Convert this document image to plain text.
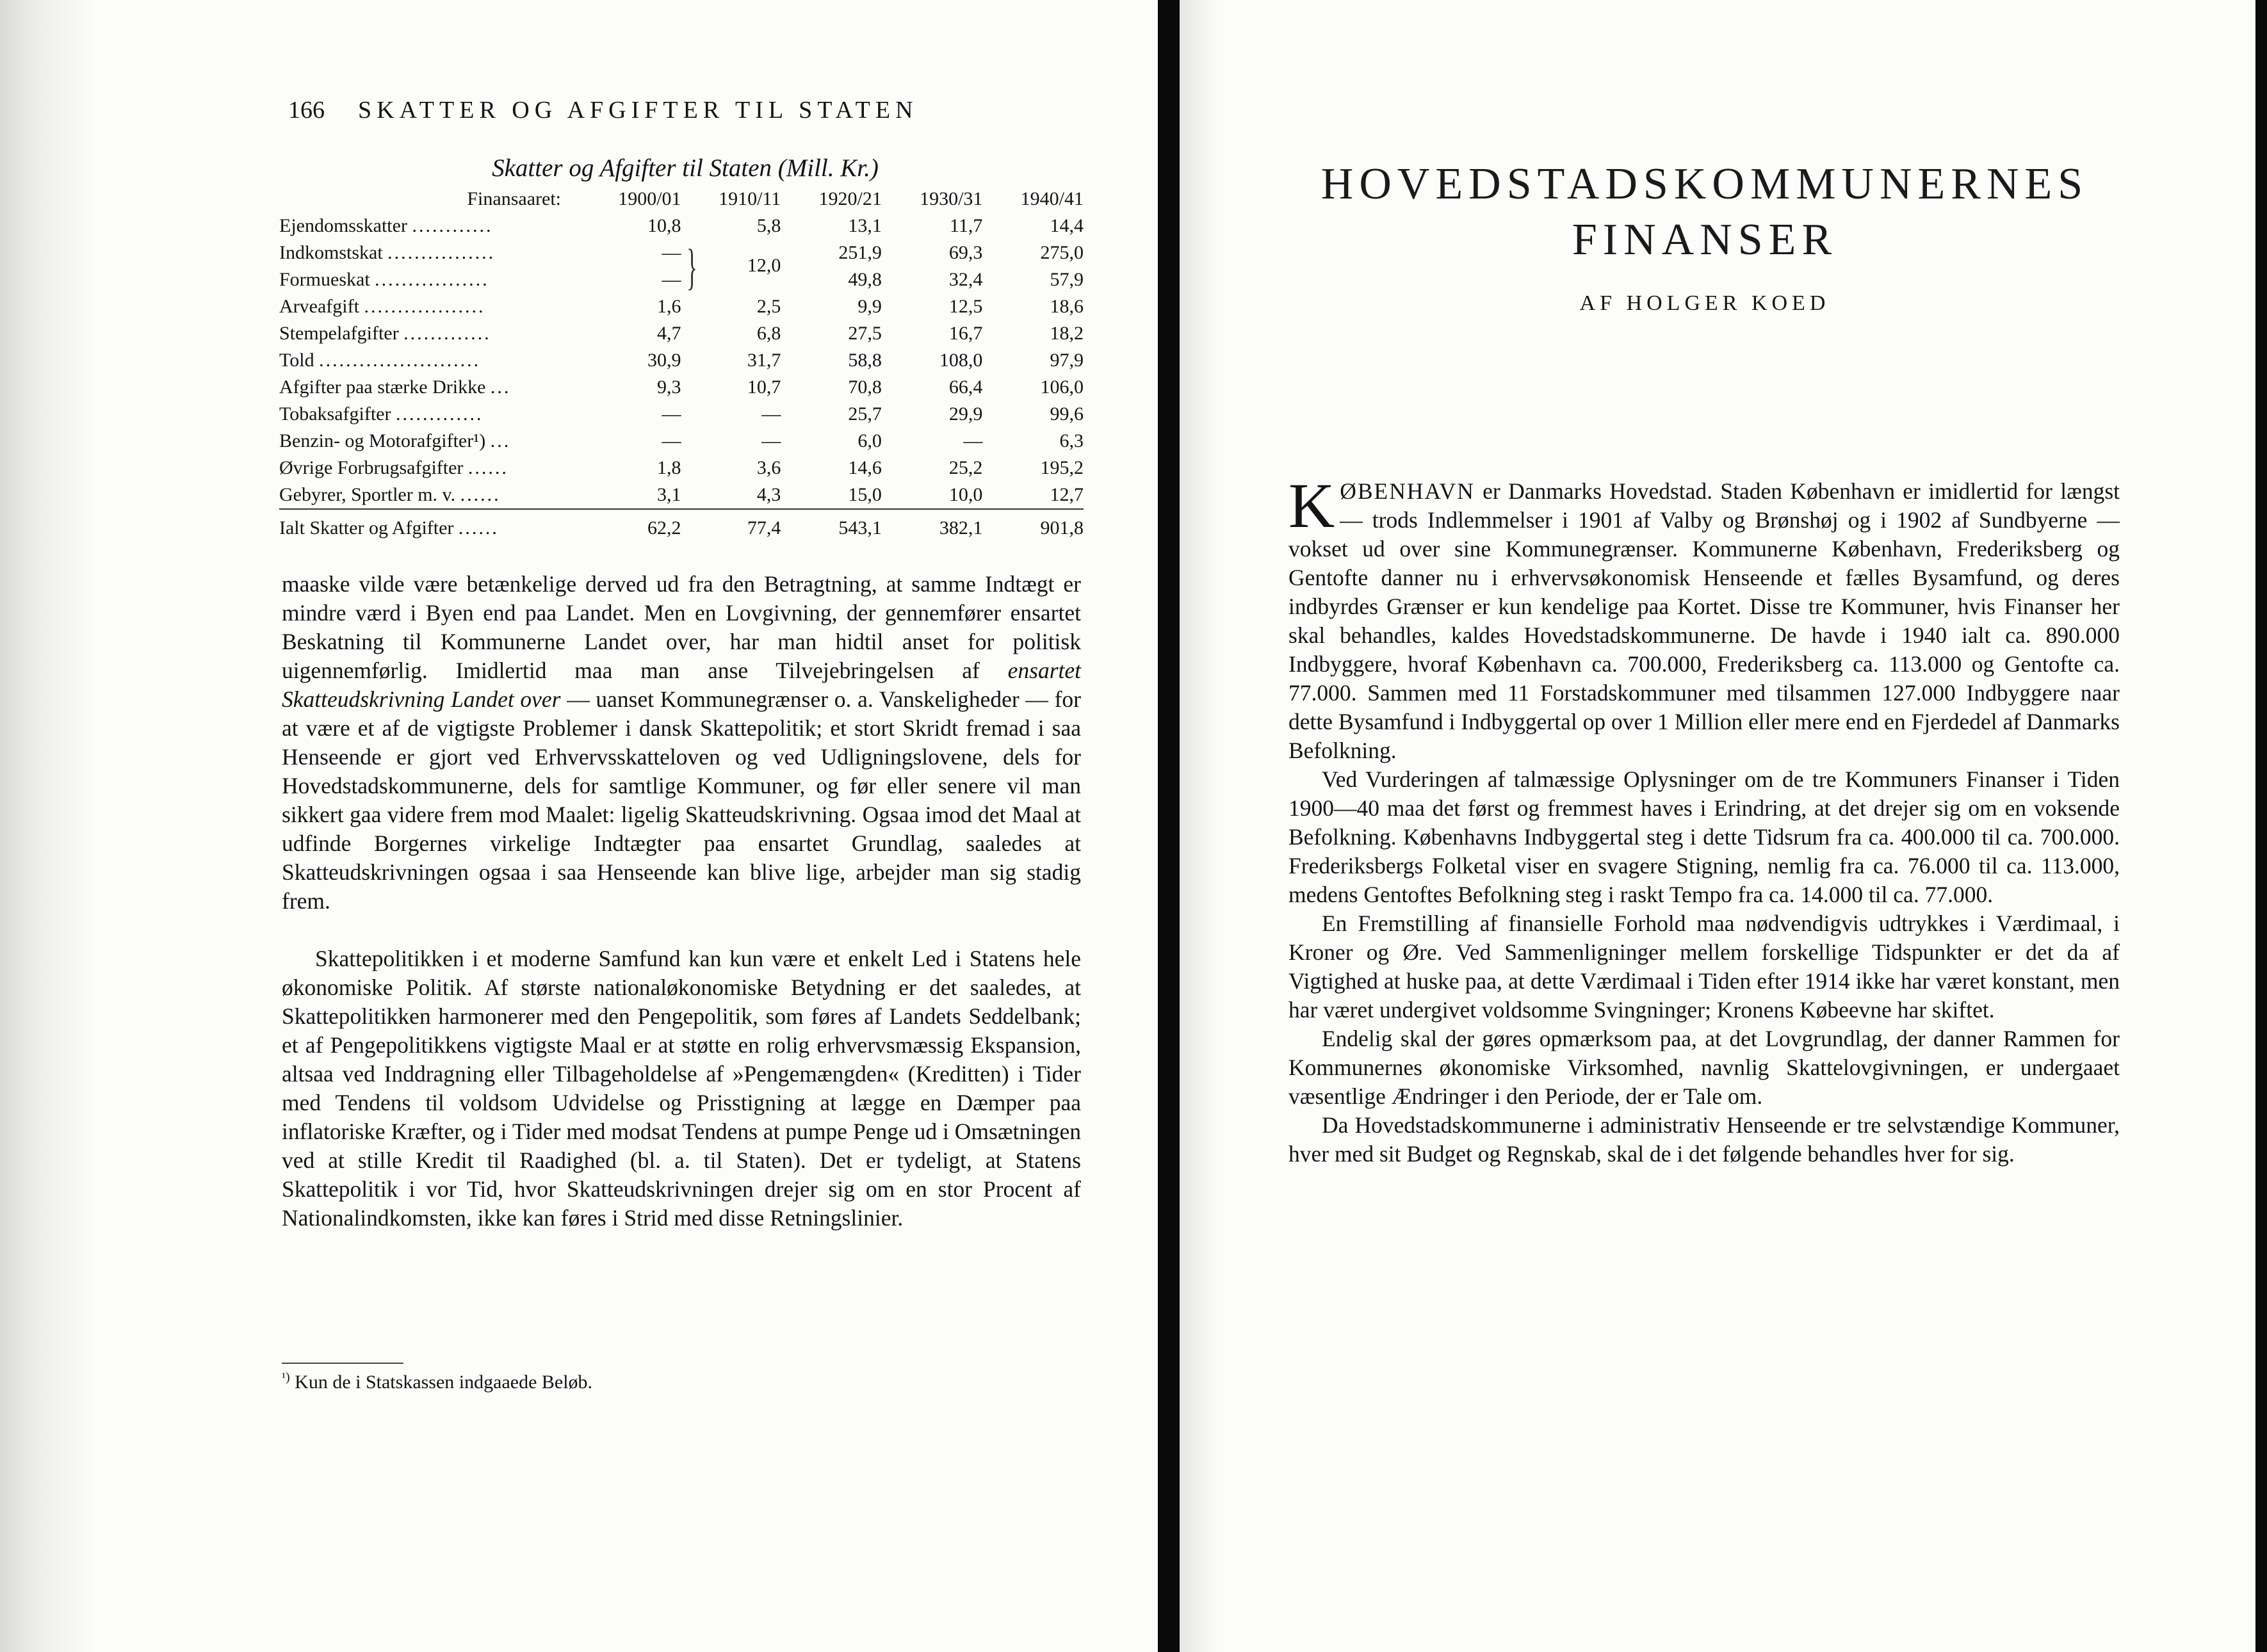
166 SKATTER OG AFGIFTER TIL STATEN
Skatter og Afgifter til Staten (Mill. Kr.)
Finansaaret:	1900/01	1910/11	1920/21	1930/31	1940/41
Ejendomsskatter ............	10,8	5,8	13,1	11,7	14,4
Indkomstskat ................	—	} 12,0	251,9	69,3	275,0
Formueskat .................	—		49,8	32,4	57,9
Arveafgift ..................	1,6	2,5	9,9	12,5	18,6
Stempelafgifter .............	4,7	6,8	27,5	16,7	18,2
Told ........................	30,9	31,7	58,8	108,0	97,9
Afgifter paa stærke Drikke ...	9,3	10,7	70,8	66,4	106,0
Tobaksafgifter .............	—	—	25,7	29,9	99,6
Benzin- og Motorafgifter¹) ...	—	—	6,0	—	6,3
Øvrige Forbrugsafgifter ......	1,8	3,6	14,6	25,2	195,2
Gebyrer, Sportler m. v. ......	3,1	4,3	15,0	10,0	12,7
Ialt Skatter og Afgifter ......	62,2	77,4	543,1	382,1	901,8

maaske vilde være betænkelige derved ud fra den Betragtning, at samme Indtægt er mindre værd i Byen end paa Landet. Men en Lovgivning, der gennemfører ensartet Beskatning til Kommunerne Landet over, har man hidtil anset for politisk uigennemførlig. Imidlertid maa man anse Tilvejebringelsen af ensartet Skatteudskrivning Landet over — uanset Kommunegrænser o. a. Vanskeligheder — for at være et af de vigtigste Problemer i dansk Skattepolitik; et stort Skridt fremad i saa Henseende er gjort ved Erhvervsskatteloven og ved Udligningslovene, dels for Hovedstadskommunerne, dels for samtlige Kommuner, og før eller senere vil man sikkert gaa videre frem mod Maalet: ligelig Skatteudskrivning. Ogsaa imod det Maal at udfinde Borgernes virkelige Indtægter paa ensartet Grundlag, saaledes at Skatteudskrivningen ogsaa i saa Henseende kan blive lige, arbejder man sig stadig frem.

Skattepolitikken i et moderne Samfund kan kun være et enkelt Led i Statens hele økonomiske Politik. Af største nationaløkonomiske Betydning er det saaledes, at Skattepolitikken harmonerer med den Pengepolitik, som føres af Landets Seddelbank; et af Pengepolitikkens vigtigste Maal er at støtte en rolig erhvervsmæssig Ekspansion, altsaa ved Inddragning eller Tilbageholdelse af »Pengemængden« (Kreditten) i Tider med Tendens til voldsom Udvidelse og Prisstigning at lægge en Dæmper paa inflatoriske Kræfter, og i Tider med modsat Tendens at pumpe Penge ud i Omsætningen ved at stille Kredit til Raadighed (bl. a. til Staten). Det er tydeligt, at Statens Skattepolitik i vor Tid, hvor Skatteudskrivningen drejer sig om en stor Procent af Nationalindkomsten, ikke kan føres i Strid med disse Retningslinier.

$^{^1)}$ Kun de i Statskassen indgaaede Beløb.
HOVEDSTADSKOMMUNERNES
FINANSER
AF HOLGER KOED

KØBENHAVN er Danmarks Hovedstad. Staden København er imidlertid for længst — trods Indlemmelser i 1901 af Valby og Brønshøj og i 1902 af Sundbyerne — vokset ud over sine Kommunegrænser. Kommunerne København, Frederiksberg og Gentofte danner nu i erhvervsøkonomisk Henseende et fælles Bysamfund, og deres indbyrdes Grænser er kun kendelige paa Kortet. Disse tre Kommuner, hvis Finanser her skal behandles, kaldes Hovedstadskommunerne. De havde i 1940 ialt ca. 890.000 Indbyggere, hvoraf København ca. 700.000, Frederiksberg ca. 113.000 og Gentofte ca. 77.000. Sammen med 11 Forstadskommuner med tilsammen 127.000 Indbyggere naar dette Bysamfund i Indbyggertal op over 1 Million eller mere end en Fjerdedel af Danmarks Befolkning.

Ved Vurderingen af talmæssige Oplysninger om de tre Kommuners Finanser i Tiden 1900—40 maa det først og fremmest haves i Erindring, at det drejer sig om en voksende Befolkning. Københavns Indbyggertal steg i dette Tidsrum fra ca. 400.000 til ca. 700.000. Frederiksbergs Folketal viser en svagere Stigning, nemlig fra ca. 76.000 til ca. 113.000, medens Gentoftes Befolkning steg i raskt Tempo fra ca. 14.000 til ca. 77.000.

En Fremstilling af finansielle Forhold maa nødvendigvis udtrykkes i Værdimaal, i Kroner og Øre. Ved Sammenligninger mellem forskellige Tidspunkter er det da af Vigtighed at huske paa, at dette Værdimaal i Tiden efter 1914 ikke har været konstant, men har været undergivet voldsomme Svingninger; Kronens Købeevne har skiftet.

Endelig skal der gøres opmærksom paa, at det Lovgrundlag, der danner Rammen for Kommunernes økonomiske Virksomhed, navnlig Skattelovgivningen, er undergaaet væsentlige Ændringer i den Periode, der er Tale om.

Da Hovedstadskommunerne i administrativ Henseende er tre selvstændige Kommuner, hver med sit Budget og Regnskab, skal de i det følgende behandles hver for sig.
